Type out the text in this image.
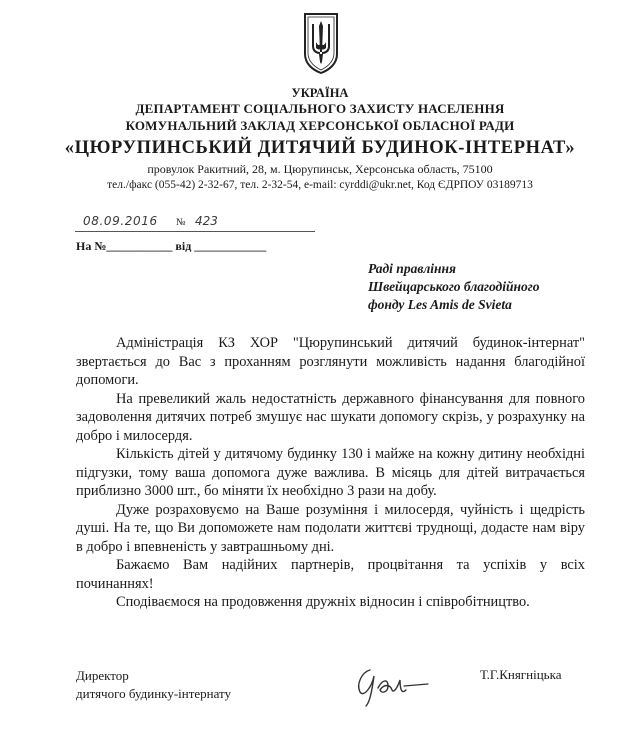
УКРАЇНА
ДЕПАРТАМЕНТ СОЦІАЛЬНОГО ЗАХИСТУ НАСЕЛЕННЯ
КОМУНАЛЬНИЙ ЗАКЛАД ХЕРСОНСЬКОЇ ОБЛАСНОЇ РАДИ
«ЦЮРУПИНСЬКИЙ ДИТЯЧИЙ БУДИНОК-ІНТЕРНАТ»
провулок Ракитний, 28, м. Цюрупинськ, Херсонська область, 75100
тел./факс (055-42) 2-32-67, тел. 2-32-54, e-mail: cyrddi@ukr.net, Код ЄДРПОУ 03189713
08.09.2016 № 423
На №___________ від ____________
Раді правління
Швейцарського благодійного
фонду Les Amis de Svieta

Адміністрація КЗ ХОР "Цюрупинський дитячий будинок-інтернат" звертається до Вас з проханням розглянути можливість надання благодійної допомоги.

На превеликий жаль недостатність державного фінансування для повного задоволення дитячих потреб змушує нас шукати допомогу скрізь, у розрахунку на добро і милосердя.

Кількість дітей у дитячому будинку 130 і майже на кожну дитину необхідні підгузки, тому ваша допомога дуже важлива. В місяць для дітей витрачається приблизно 3000 шт., бо міняти їх необхідно 3 рази на добу.

Дуже розраховуємо на Ваше розуміння і милосердя, чуйність і щедрість душі. На те, що Ви допоможете нам подолати життєві труднощі, додасте нам віру в добро і впевненість у завтрашньому дні.

Бажаємо Вам надійних партнерів, процвітання та успіхів у всіх починаннях!

Сподіваємося на продовження дружніх відносин і співробітництво.

Директор
дитячого будинку-інтернату
Т.Г.Княгніцька
